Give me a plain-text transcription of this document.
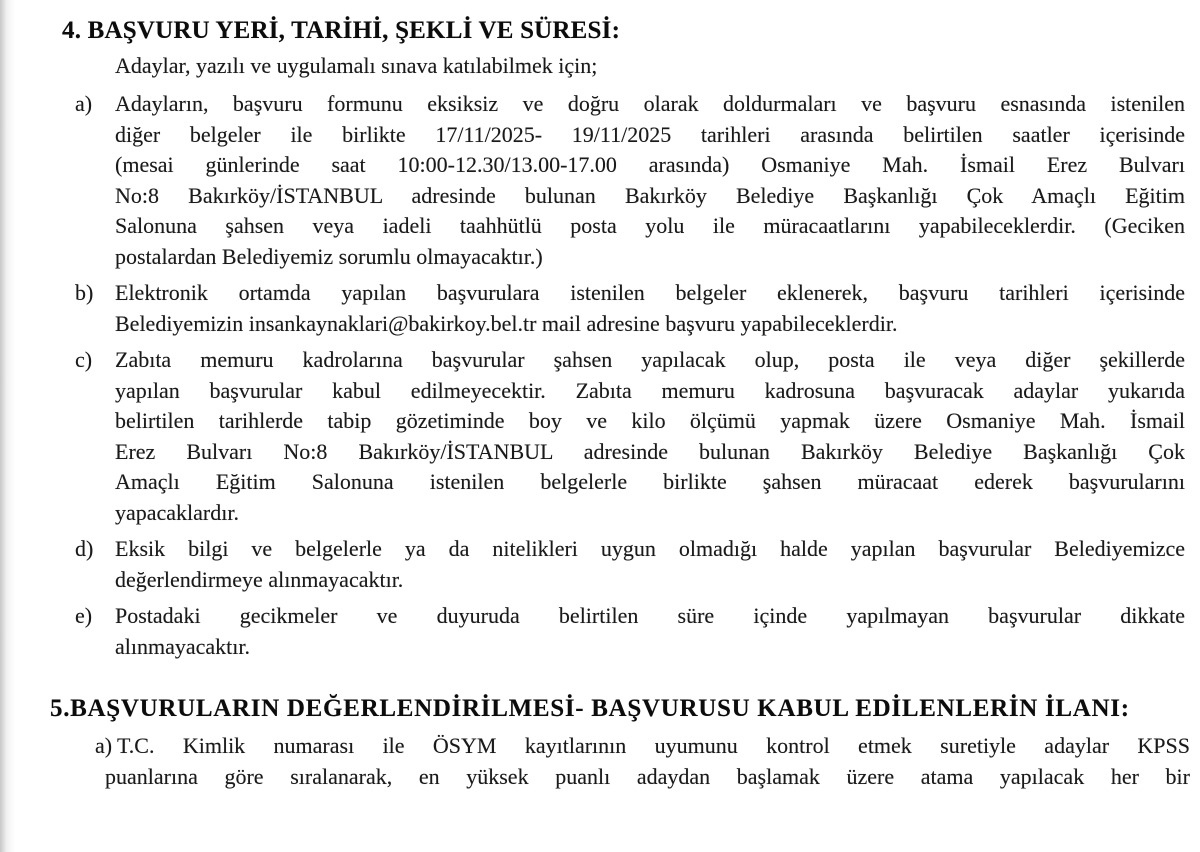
4. BAŞVURU YERİ, TARİHİ, ŞEKLİ VE SÜRESİ:
Adaylar, yazılı ve uygulamalı sınava katılabilmek için;
a) Adayların, başvuru formunu eksiksiz ve doğru olarak doldurmaları ve başvuru esnasında istenilen
diğer belgeler ile birlikte 17/11/2025- 19/11/2025 tarihleri arasında belirtilen saatler içerisinde
(mesai günlerinde saat 10:00-12.30/13.00-17.00 arasında) Osmaniye Mah. İsmail Erez Bulvarı
No:8 Bakırköy/İSTANBUL adresinde bulunan Bakırköy Belediye Başkanlığı Çok Amaçlı Eğitim
Salonuna şahsen veya iadeli taahhütlü posta yolu ile müracaatlarını yapabileceklerdir. (Geciken
postalardan Belediyemiz sorumlu olmayacaktır.)
b) Elektronik ortamda yapılan başvurulara istenilen belgeler eklenerek, başvuru tarihleri içerisinde
Belediyemizin insankaynaklari@bakirkoy.bel.tr mail adresine başvuru yapabileceklerdir.
c) Zabıta memuru kadrolarına başvurular şahsen yapılacak olup, posta ile veya diğer şekillerde
yapılan başvurular kabul edilmeyecektir. Zabıta memuru kadrosuna başvuracak adaylar yukarıda
belirtilen tarihlerde tabip gözetiminde boy ve kilo ölçümü yapmak üzere Osmaniye Mah. İsmail
Erez Bulvarı No:8 Bakırköy/İSTANBUL adresinde bulunan Bakırköy Belediye Başkanlığı Çok
Amaçlı Eğitim Salonuna istenilen belgelerle birlikte şahsen müracaat ederek başvurularını
yapacaklardır.
d) Eksik bilgi ve belgelerle ya da nitelikleri uygun olmadığı halde yapılan başvurular Belediyemizce
değerlendirmeye alınmayacaktır.
e) Postadaki gecikmeler ve duyuruda belirtilen süre içinde yapılmayan başvurular dikkate
alınmayacaktır.
5.BAŞVURULARIN DEĞERLENDİRİLMESİ- BAŞVURUSU KABUL EDİLENLERİN İLANI:
a) T.C. Kimlik numarası ile ÖSYM kayıtlarının uyumunu kontrol etmek suretiyle adaylar KPSS
puanlarına göre sıralanarak, en yüksek puanlı adaydan başlamak üzere atama yapılacak her bir
